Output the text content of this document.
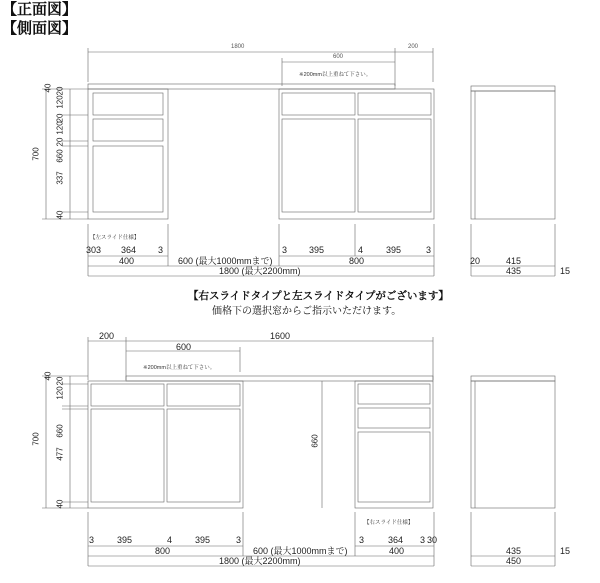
【正面図】
【側面図】
1800
600
200
※200mm以上重ねて下さい。
40 20
120
20
120
20
660
337
40
700
【左スライド仕様】
30 3 364 3	3 395	4	395	3
400	600 (最大1000mmまで)	800
1800 (最大2200mm)
20	415
435	15
【右スライドタイプと左スライドタイプがございます】
価格下の選択窓からご指示いただけます。
200	1600
600
※200mm以上重ねて下さい。
40
20
120
660
477
40
700	660
【右スライド仕様】
3	395	4	395	3	3	364 3 30
800	600 (最大1000mmまで)	400
1800 (最大2200mm)
435	15
450
